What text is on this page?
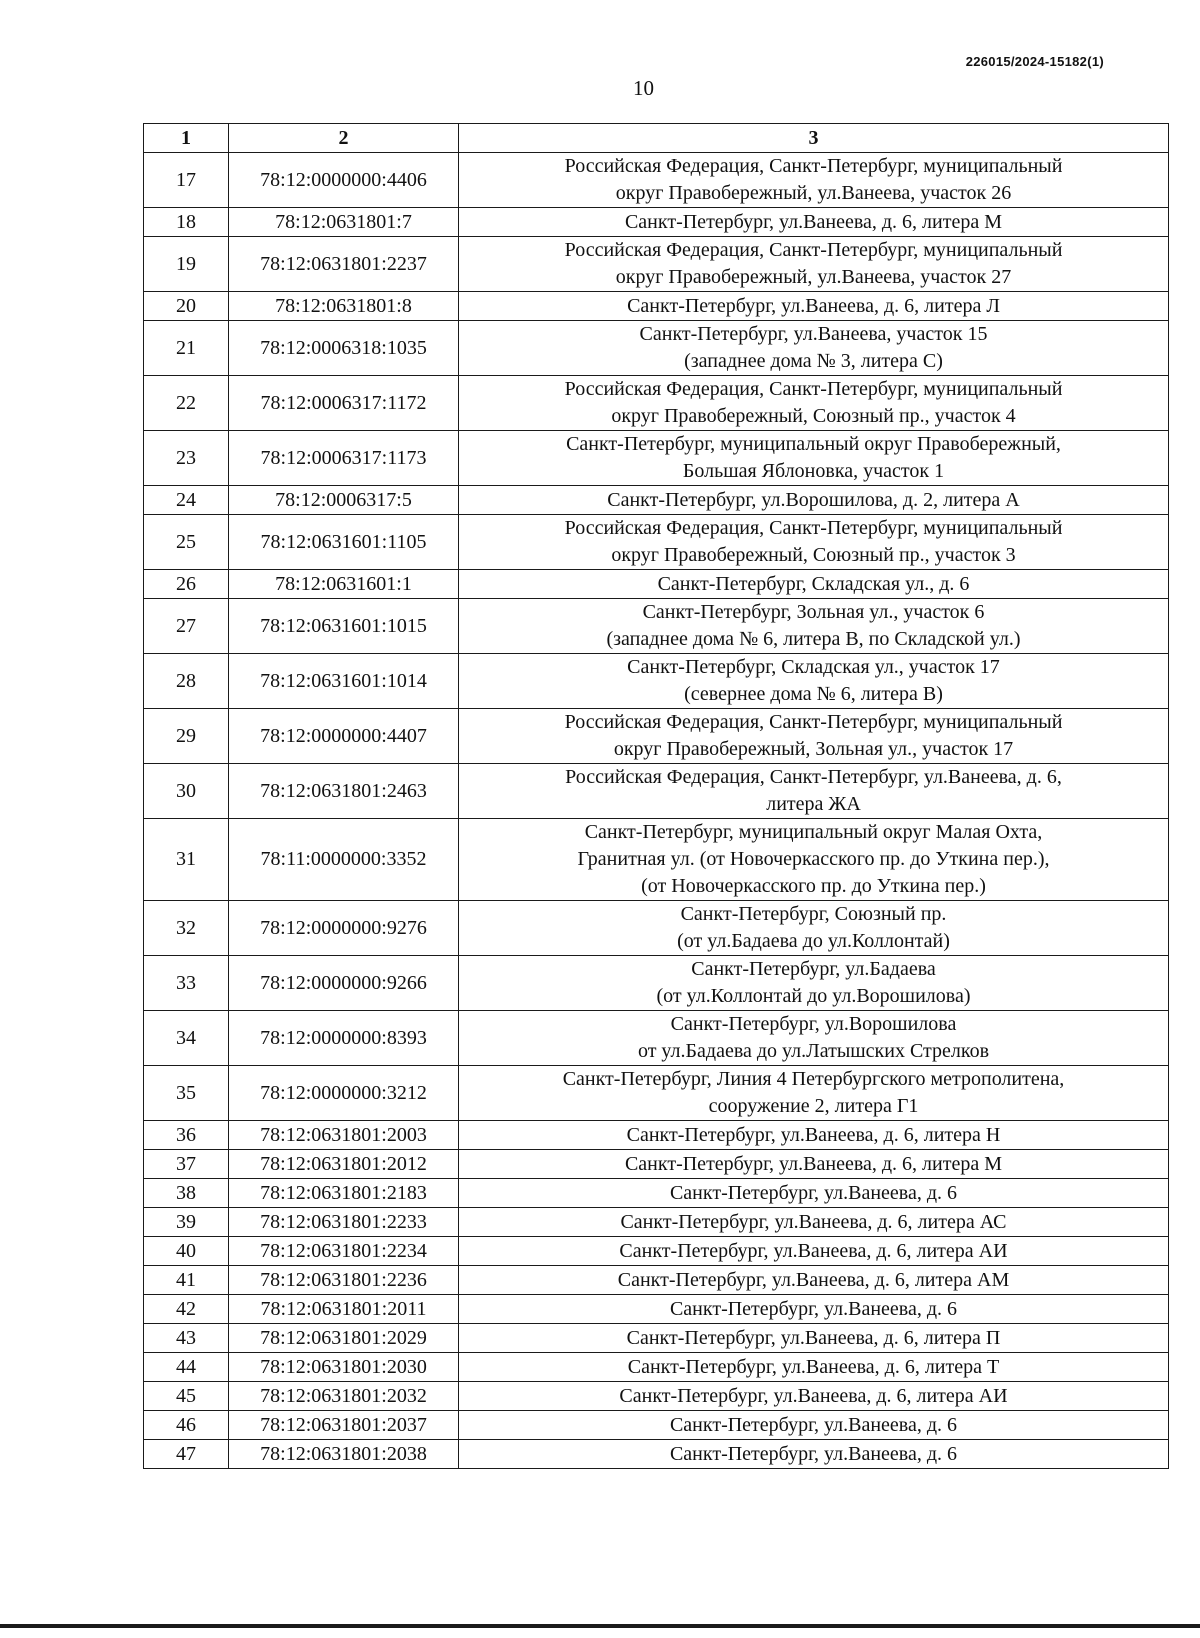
226015/2024-15182(1)
10
1	2	3
17	78:12:0000000:4406	Российская Федерация, Санкт-Петербург, муниципальный
округ Правобережный, ул.Ванеева, участок 26

18	78:12:0631801:7	Санкт-Петербург, ул.Ванеева, д. 6, литера М

19	78:12:0631801:2237	Российская Федерация, Санкт-Петербург, муниципальный
округ Правобережный, ул.Ванеева, участок 27

20	78:12:0631801:8	Санкт-Петербург, ул.Ванеева, д. 6, литера Л

21	78:12:0006318:1035	Санкт-Петербург, ул.Ванеева, участок 15
(западнее дома № 3, литера С)

22	78:12:0006317:1172	Российская Федерация, Санкт-Петербург, муниципальный
округ Правобережный, Союзный пр., участок 4

23	78:12:0006317:1173	Санкт-Петербург, муниципальный округ Правобережный,
Большая Яблоновка, участок 1

24	78:12:0006317:5	Санкт-Петербург, ул.Ворошилова, д. 2, литера А

25	78:12:0631601:1105	Российская Федерация, Санкт-Петербург, муниципальный
округ Правобережный, Союзный пр., участок 3

26	78:12:0631601:1	Санкт-Петербург, Складская ул., д. 6

27	78:12:0631601:1015	Санкт-Петербург, Зольная ул., участок 6
(западнее дома № 6, литера В, по Складской ул.)

28	78:12:0631601:1014	Санкт-Петербург, Складская ул., участок 17
(севернее дома № 6, литера В)

29	78:12:0000000:4407	Российская Федерация, Санкт-Петербург, муниципальный
округ Правобережный, Зольная ул., участок 17

30	78:12:0631801:2463	Российская Федерация, Санкт-Петербург, ул.Ванеева, д. 6,
литера ЖА

31	78:11:0000000:3352	Санкт-Петербург, муниципальный округ Малая Охта,
Гранитная ул. (от Новочеркасского пр. до Уткина пер.),
(от Новочеркасского пр. до Уткина пер.)

32	78:12:0000000:9276	Санкт-Петербург, Союзный пр.
(от ул.Бадаева до ул.Коллонтай)

33	78:12:0000000:9266	Санкт-Петербург, ул.Бадаева
(от ул.Коллонтай до ул.Ворошилова)

34	78:12:0000000:8393	Санкт-Петербург, ул.Ворошилова
от ул.Бадаева до ул.Латышских Стрелков

35	78:12:0000000:3212	Санкт-Петербург, Линия 4 Петербургского метрополитена,
сооружение 2, литера Г1

36	78:12:0631801:2003	Санкт-Петербург, ул.Ванеева, д. 6, литера Н

37	78:12:0631801:2012	Санкт-Петербург, ул.Ванеева, д. 6, литера М

38	78:12:0631801:2183	Санкт-Петербург, ул.Ванеева, д. 6

39	78:12:0631801:2233	Санкт-Петербург, ул.Ванеева, д. 6, литера АС

40	78:12:0631801:2234	Санкт-Петербург, ул.Ванеева, д. 6, литера АИ

41	78:12:0631801:2236	Санкт-Петербург, ул.Ванеева, д. 6, литера АМ

42	78:12:0631801:2011	Санкт-Петербург, ул.Ванеева, д. 6

43	78:12:0631801:2029	Санкт-Петербург, ул.Ванеева, д. 6, литера П

44	78:12:0631801:2030	Санкт-Петербург, ул.Ванеева, д. 6, литера Т

45	78:12:0631801:2032	Санкт-Петербург, ул.Ванеева, д. 6, литера АИ

46	78:12:0631801:2037	Санкт-Петербург, ул.Ванеева, д. 6

47	78:12:0631801:2038	Санкт-Петербург, ул.Ванеева, д. 6
